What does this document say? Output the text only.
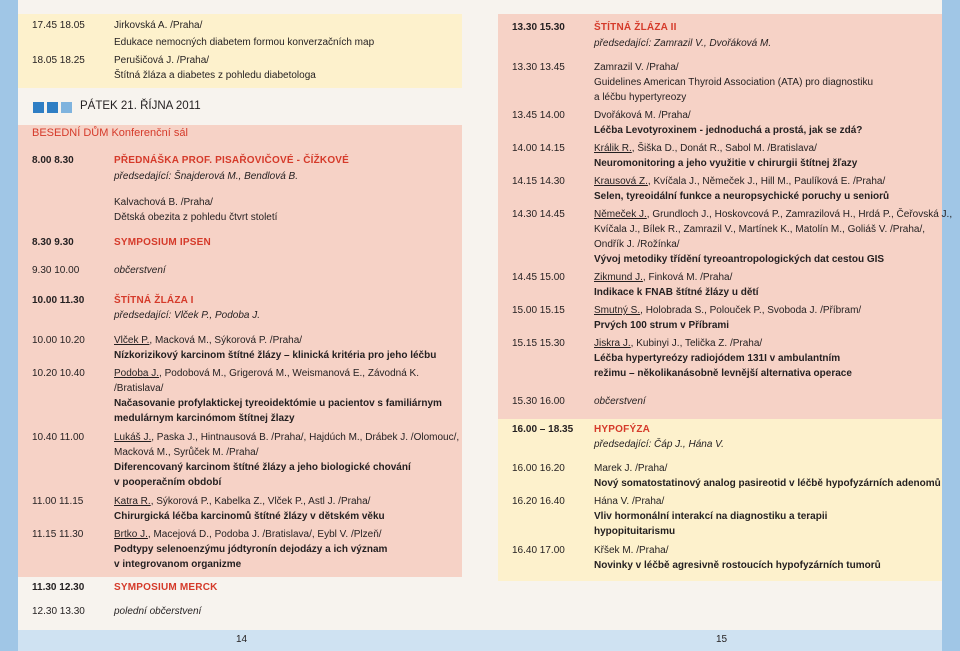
17.45 18.05	Jirkovská A. /Praha/
Edukace nemocných diabetem formou konverzačních map
18.05 18.25	Perušičová J. /Praha/
Štítná žláza a diabetes z pohledu diabetologa
PÁTEK 21. ŘÍJNA 2011
BESEDNÍ DŮM Konferenční sál
8.00 8.30	PŘEDNÁŠKA PROF. PISAŘOVIČOVÉ - ČÍŽKOVÉ
předsedající: Šnajderová M., Bendlová B.
Kalvachová B. /Praha/
Dětská obezita z pohledu čtvrt století
8.30 9.30	SYMPOSIUM IPSEN
9.30 10.00	občerstvení
10.00 11.30	ŠTÍTNÁ ŽLÁZA I
předsedající: Vlček P., Podoba J.
10.00 10.20	Vlček P., Macková M., Sýkorová P. /Praha/
Nízkorizikový karcinom štítné žlázy – klinická kritéria pro jeho léčbu
10.20 10.40	Podoba J., Podobová M., Grigerová M., Weismanová E., Závodná K.
/Bratislava/
Načasovanie profylaktickej tyreoidektómie u pacientov s familiárnym
medulárnym karcinómom štítnej žlazy
10.40 11.00	Lukáš J., Paska J., Hintnausová B. /Praha/, Hajdúch M., Drábek J. /Olomouc/,
Macková M., Syrůček M. /Praha/
Diferencovaný karcinom štítné žlázy a jeho biologické chování
v pooperačním období
11.00 11.15	Katra R., Sýkorová P., Kabelka Z., Vlček P., Astl J. /Praha/
Chirurgická léčba karcinomů štítné žlázy v dětském věku
11.15 11.30	Brtko J., Macejová D., Podoba J. /Bratislava/, Eybl V. /Plzeň/
Podtypy selenoenzýmu jódtyronín dejodázy a ich význam
v integrovanom organizme
11.30 12.30	SYMPOSIUM MERCK
12.30 13.30	polední občerstvení
14
13.30 15.30	ŠTÍTNÁ ŽLÁZA II
předsedající: Zamrazil V., Dvořáková M.
13.30 13.45	Zamrazil V. /Praha/
Guidelines American Thyroid Association (ATA) pro diagnostiku
a léčbu hypertyreozy
13.45 14.00	Dvořáková M. /Praha/
Léčba Levotyroxinem - jednoduchá a prostá, jak se zdá?
14.00 14.15	Králik R., Šiška D., Donát R., Sabol M. /Bratislava/
Neuromonitoring a jeho využitie v chirurgii štítnej žľazy
14.15 14.30	Krausová Z., Kvíčala J., Němeček J., Hill M., Paulíková E. /Praha/
Selen, tyreoidální funkce a neuropsychické poruchy u seniorů
14.30 14.45	Němeček J., Grundloch J., Hoskovcová P., Zamrazilová H., Hrdá P., Čeřovská J.,
Kvíčala J., Bílek R., Zamrazil V., Martínek K., Matolín M., Goliáš V. /Praha/,
Ondřík J. /Rožínka/
Vývoj metodiky třídění tyreoantropologických dat cestou GIS
14.45 15.00	Zikmund J., Finková M. /Praha/
Indikace k FNAB štítné žlázy u dětí
15.00 15.15	Smutný S., Holobrada S., Polouček P., Svoboda J. /Příbram/
Prvých 100 strum v Příbrami
15.15 15.30	Jiskra J., Kubinyi J., Telička Z. /Praha/
Léčba hypertyreózy radiojódem 131I v ambulantním
režimu – několikanásobně levnější alternativa operace
15.30 16.00	občerstvení
16.00 – 18.35 HYPOFÝZA
předsedající: Čáp J., Hána V.
16.00 16.20	Marek J. /Praha/
Nový somatostatinový analog pasireotid v léčbě hypofyzárních adenomů
16.20 16.40	Hána V. /Praha/
Vliv hormonální interakcí na diagnostiku a terapii
hypopituitarismu
16.40 17.00	Křšek M. /Praha/
Novinky v léčbě agresivně rostoucích hypofyzárních tumorů
15
